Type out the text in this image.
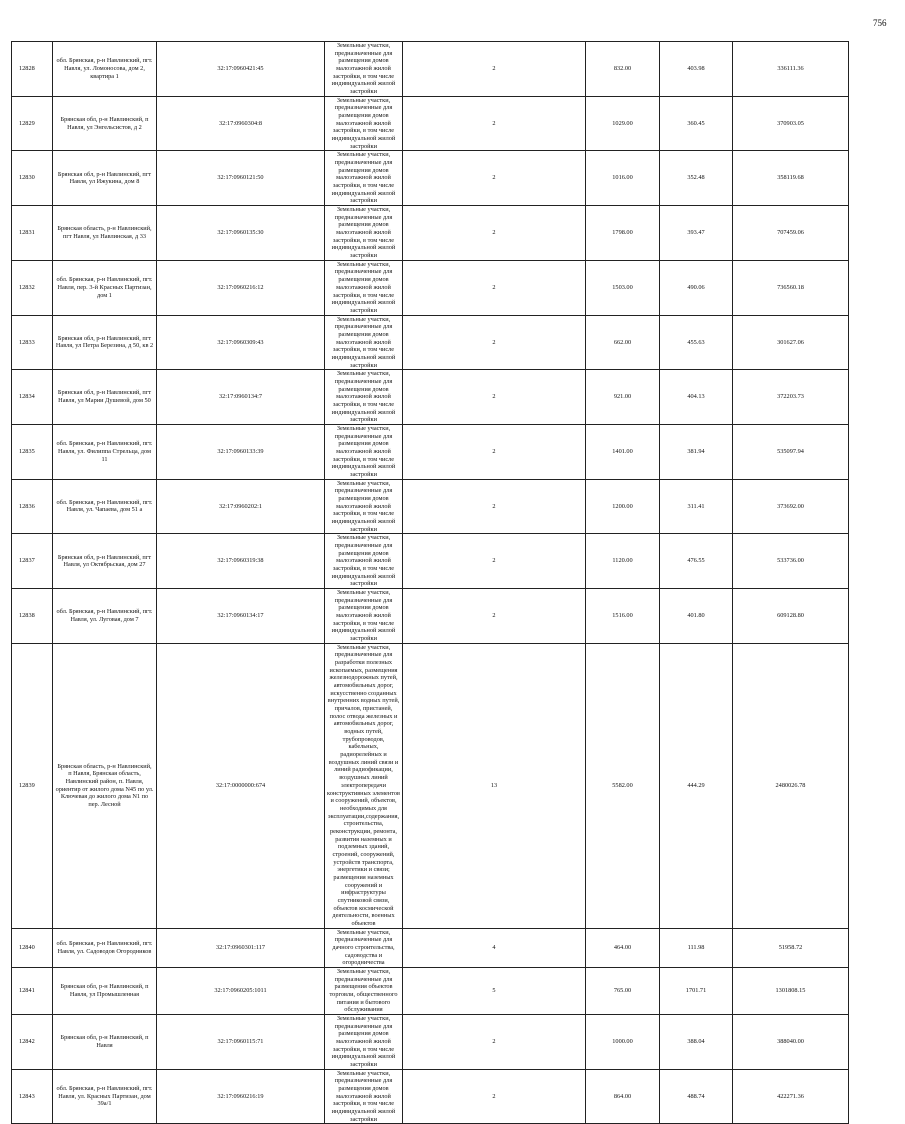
756
12828	обл. Брянская, р-н Навлинский, пгт. Навля, ул. Ломоносова, дом 2, квартира 1	32:17:0960421:45	Земельные участки, предназначенные для размещения домов малоэтажной жилой застройки, в том числе индивидуальной жилой застройки	2	832.00	403.98	336111.36
12829	Брянская обл, р-н Навлинский, п Навля, ул Энгельсистов, д 2	32:17:0960304:8	Земельные участки, предназначенные для размещения домов малоэтажной жилой застройки, в том числе индивидуальной жилой застройки	2	1029.00	360.45	370903.05
12830	Брянская обл, р-н Навлинский, пгт Навля, ул Ижукина, дом 8	32:17:0960121:50	Земельные участки, предназначенные для размещения домов малоэтажной жилой застройки, в том числе индивидуальной жилой застройки	2	1016.00	352.48	358119.68
12831	Брянская область, р-н Навлинский, пгт Навля, ул Навлинская, д 33	32:17:0960135:30	Земельные участки, предназначенные для размещения домов малоэтажной жилой застройки, в том числе индивидуальной жилой застройки	2	1798.00	393.47	707459.06
12832	обл. Брянская, р-н Навлинский, пгт. Навля, пер. 3-й Красных Партизан, дом 1	32:17:0960216:12	Земельные участки, предназначенные для размещения домов малоэтажной жилой застройки, в том числе индивидуальной жилой застройки	2	1503.00	490.06	736560.18
12833	Брянская обл, р-н Навлинский, пгт Навля, ул Петра Березина, д 50, кв 2	32:17:0960309:43	Земельные участки, предназначенные для размещения домов малоэтажной жилой застройки, в том числе индивидуальной жилой застройки	2	662.00	455.63	301627.06
12834	Брянская обл, р-н Навлинский, пгт Навля, ул Марии Душевой, дом 50	32:17:0960134:7	Земельные участки, предназначенные для размещения домов малоэтажной жилой застройки, в том числе индивидуальной жилой застройки	2	921.00	404.13	372203.73
12835	обл. Брянская, р-н Навлинский, пгт. Навля, ул. Филиппа Стрельца, дом 11	32:17:0960133:39	Земельные участки, предназначенные для размещения домов малоэтажной жилой застройки, в том числе индивидуальной жилой застройки	2	1401.00	381.94	535097.94
12836	обл. Брянская, р-н Навлинский, пгт. Навля, ул. Чапаева, дом 51 а	32:17:0960202:1	Земельные участки, предназначенные для размещения домов малоэтажной жилой застройки, в том числе индивидуальной жилой застройки	2	1200.00	311.41	373692.00
12837	Брянская обл, р-н Навлинский, пгт Навля, ул Октябрьская, дом 27	32:17:0960319:38	Земельные участки, предназначенные для размещения домов малоэтажной жилой застройки, в том числе индивидуальной жилой застройки	2	1120.00	476.55	533736.00
12838	обл. Брянская, р-н Навлинский, пгт. Навля, ул. Луговая, дом 7	32:17:0960134:17	Земельные участки, предназначенные для размещения домов малоэтажной жилой застройки, в том числе индивидуальной жилой застройки	2	1516.00	401.80	609128.80
12839	Брянская область, р-н Навлинский, п Навля, Брянская область, Навлинский район, п. Навля, ориентир от жилого дома N45 по ул. Ключевая до жилого дома N1 по пер. Лесной	32:17:0000000:674	Земельные участки, предназначенные для разработки полезных ископаемых, размещения железнодорожных путей, автомобильных дорог, искусственно созданных внутренних водных путей, причалов, пристаней, полос отвода железных и автомобильных дорог, водных путей, трубопроводов, кабельных, радиорелейных и воздушных линий связи и линий радиофикации, воздушных линий электропередачи конструктивных элементов и сооружений, объектов, необходимых для эксплуатации,содержания, строительства, реконструкции, ремонта, развития наземных и подземных зданий, строений, сооружений, устройств транспорта, энергетики и связи; размещения наземных сооружений и инфраструктуры спутниковой связи, объектов космической деятельности, военных объектов	13	5582.00	444.29	2480026.78
12840	обл. Брянская, р-н Навлинский, пгт. Навля, ул. Садоводов Огородников	32:17:0960301:117	Земельные участки, предназначенные для дачного строительства, садоводства и огородничества	4	464.00	111.98	51958.72
12841	Брянская обл, р-н Навлинский, п Навля, ул Промышленная	32:17:0960205:1011	Земельные участки, предназначенные для размещения объектов торговли, общественного питания и бытового обслуживания	5	765.00	1701.71	1301808.15
12842	Брянская обл, р-н Навлинский, п Навля	32:17:0960115:71	Земельные участки, предназначенные для размещения домов малоэтажной жилой застройки, в том числе индивидуальной жилой застройки	2	1000.00	388.04	388040.00
12843	обл. Брянская, р-н Навлинский, пгт. Навля, ул. Красных Партизан, дом 39а/1	32:17:0960216:19	Земельные участки, предназначенные для размещения домов малоэтажной жилой застройки, в том числе индивидуальной жилой застройки	2	864.00	488.74	422271.36
